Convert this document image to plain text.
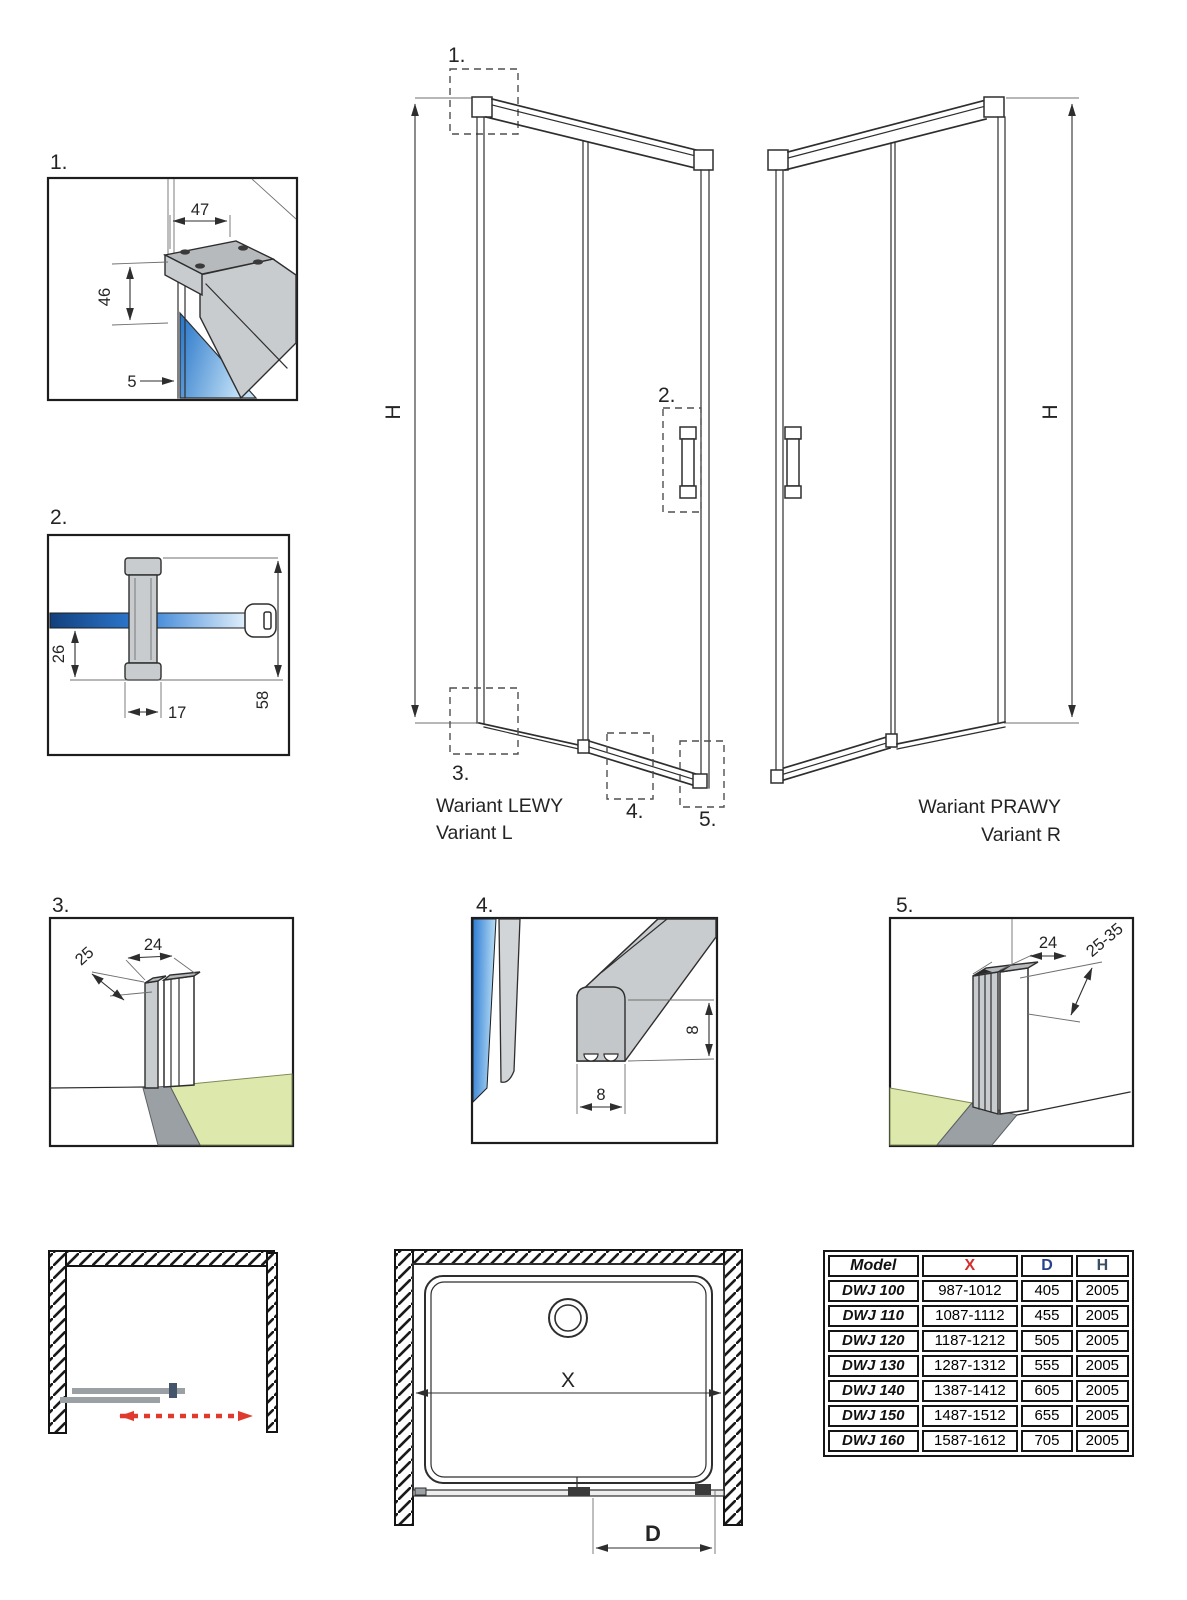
H
1.
2.
3.
4.	5.
Wariant LEWY
Variant L
H
Wariant PRAWY
Variant R
1.
47
46
5
2.
26
17
58
3.
24
25
4.
8
8
5.
24 25-35
X
D
Model	X	D	H
DWJ 100	987-1012	405	2005
DWJ 110	1087-1112	455	2005
DWJ 120	1187-1212	505	2005
DWJ 130	1287-1312	555	2005
DWJ 140	1387-1412	605	2005
DWJ 150	1487-1512	655	2005
DWJ 160	1587-1612	705	2005
